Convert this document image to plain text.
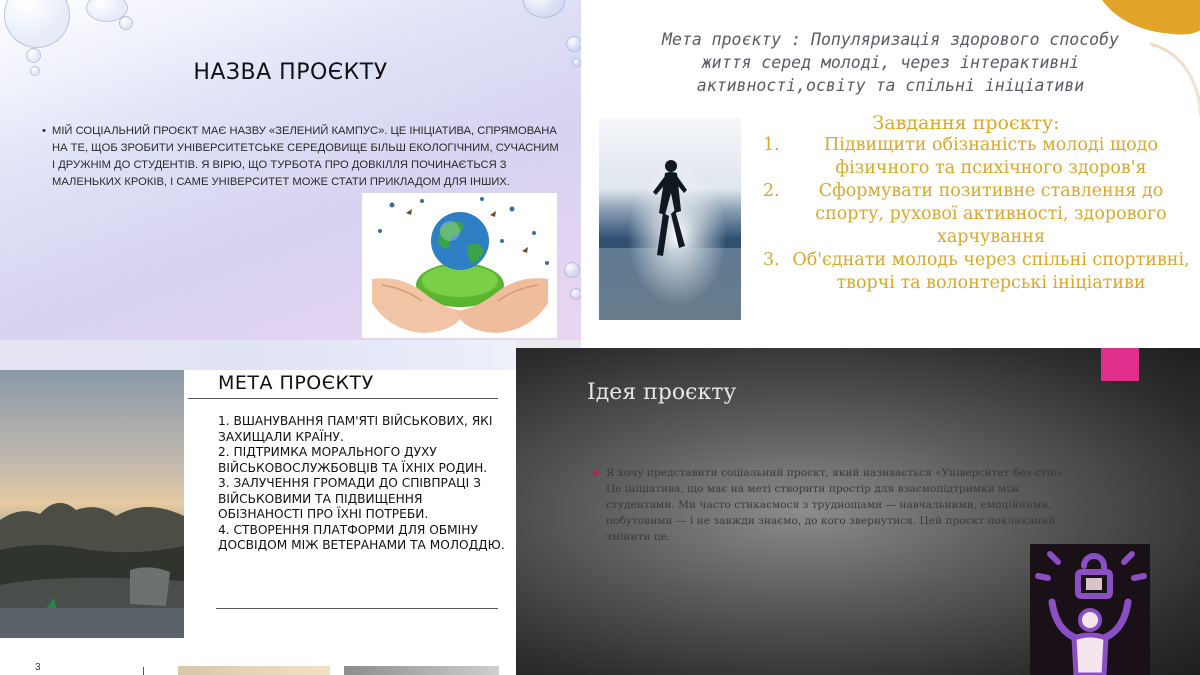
НАЗВА ПРОЄКТУ
• МІЙ СОЦІАЛЬНИЙ ПРОЄКТ МАЄ НАЗВУ «ЗЕЛЕНИЙ КАМПУС». ЦЕ ІНІЦІАТИВА, СПРЯМОВАНА НА ТЕ, ЩОБ ЗРОБИТИ УНІВЕРСИТЕТСЬКЕ СЕРЕДОВИЩЕ БІЛЬШ ЕКОЛОГІЧНИМ, СУЧАСНИМ І ДРУЖНІМ ДО СТУДЕНТІВ. Я ВІРЮ, ЩО ТУРБОТА ПРО ДОВКІЛЛЯ ПОЧИНАЄТЬСЯ З МАЛЕНЬКИХ КРОКІВ, І САМЕ УНІВЕРСИТЕТ МОЖЕ СТАТИ ПРИКЛАДОМ ДЛЯ ІНШИХ.
Мета проєкту : Популяризація здорового способу
життя серед молоді, через інтерактивні
активності,освіту та спільні ініціативи
Завдання проєкту:
1.	Підвищити обізнаність молоді щодо фізичного та психічного здоров'я
2. Сформувати позитивне ставлення до спорту, рухової активності, здорового харчування
3. Об'єднати молодь через спільні спортивні, творчі та волонтерські ініціативи
МЕТА ПРОЄКТУ
1. ВШАНУВАННЯ ПАМ'ЯТІ ВІЙСЬКОВИХ, ЯКІ ЗАХИЩАЛИ КРАЇНУ.
2. ПІДТРИМКА МОРАЛЬНОГО ДУХУ ВІЙСЬКОВОСЛУЖБОВЦІВ ТА ЇХНІХ РОДИН.
3. ЗАЛУЧЕННЯ ГРОМАДИ ДО СПІВПРАЦІ З ВІЙСЬКОВИМИ ТА ПІДВИЩЕННЯ ОБІЗНАНОСТІ ПРО ЇХНІ ПОТРЕБИ.
4. СТВОРЕННЯ ПЛАТФОРМИ ДЛЯ ОБМІНУ ДОСВІДОМ МІЖ ВЕТЕРАНАМИ ТА МОЛОДДЮ.
3
Ідея проєкту
▪ Я хочу представити соціальний проєкт, який називається «Університет без стін». Це ініціатива, що має на меті створити простір для взаємопідтримки між студентами. Ми часто стикаємося з труднощами — навчальними, емоційними, побутовими — і не завжди знаємо, до кого звернутися. Цей проєкт покликаний змінити це.
